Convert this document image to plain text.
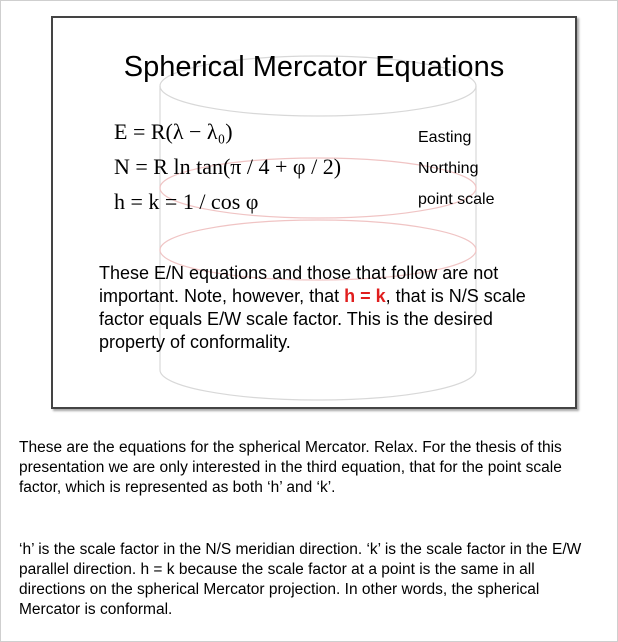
Spherical Mercator Equations
E = R(λ − λ₀)
N = R ln tan(π / 4 + φ / 2)
h = k = 1 / cos φ
Easting
Northing
point scale
These E/N equations and those that follow are not important. Note, however, that h = k, that is N/S scale factor equals E/W scale factor. This is the desired property of conformality.
These are the equations for the spherical Mercator. Relax. For the thesis of this presentation we are only interested in the third equation, that for the point scale factor, which is represented as both ‘h’ and ‘k’.
‘h’ is the scale factor in the N/S meridian direction. ‘k’ is the scale factor in the E/W parallel direction. h = k because the scale factor at a point is the same in all directions on the spherical Mercator projection. In other words, the spherical Mercator is conformal.
